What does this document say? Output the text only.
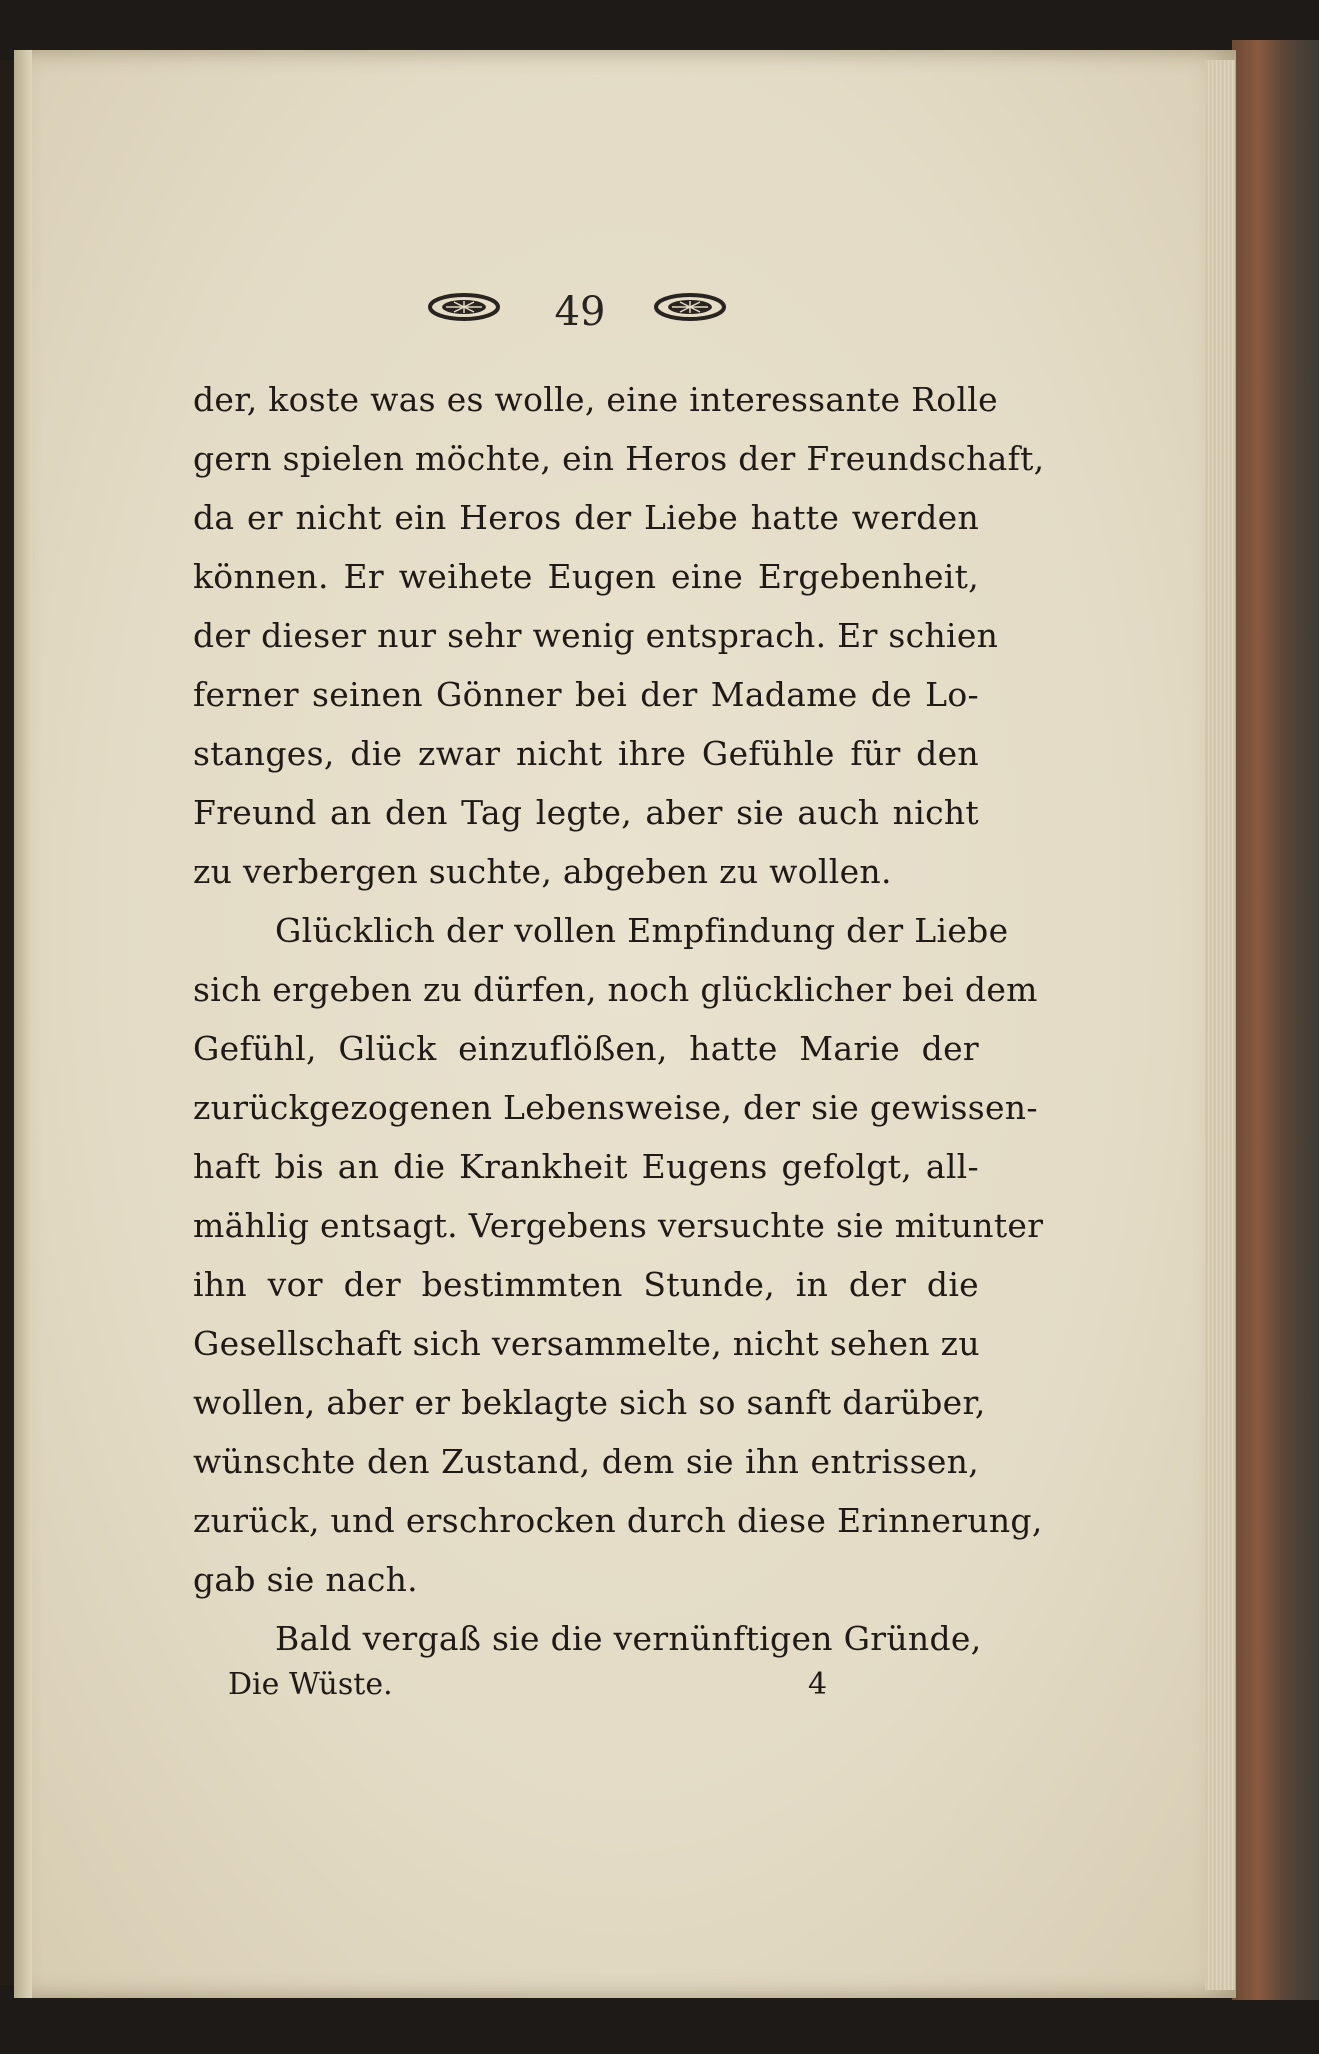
49
der, koste was es wolle, eine interessante Rolle
gern spielen möchte, ein Heros der Freundschaft,
da er nicht ein Heros der Liebe hatte werden
können. Er weihete Eugen eine Ergebenheit,
der dieser nur sehr wenig entsprach. Er schien
ferner seinen Gönner bei der Madame de Lo-
stanges, die zwar nicht ihre Gefühle für den
Freund an den Tag legte, aber sie auch nicht
zu verbergen suchte, abgeben zu wollen.
Glücklich der vollen Empfindung der Liebe
sich ergeben zu dürfen, noch glücklicher bei dem
Gefühl, Glück einzuflößen, hatte Marie der
zurückgezogenen Lebensweise, der sie gewissen-
haft bis an die Krankheit Eugens gefolgt, all-
mählig entsagt. Vergebens versuchte sie mitunter
ihn vor der bestimmten Stunde, in der die
Gesellschaft sich versammelte, nicht sehen zu
wollen, aber er beklagte sich so sanft darüber,
wünschte den Zustand, dem sie ihn entrissen,
zurück, und erschrocken durch diese Erinnerung,
gab sie nach.
Bald vergaß sie die vernünftigen Gründe,
Die Wüste.	4
